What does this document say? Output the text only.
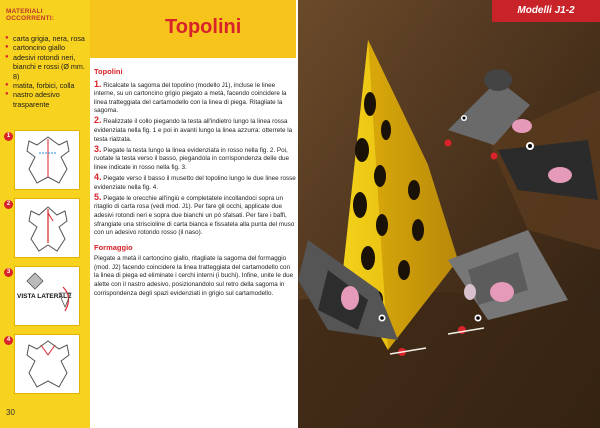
MATERIALI OCCORRENTI:
● carta grigia, nera, rosa
● cartoncino giallo
● adesivi rotondi neri, bianchi e rossi (Ø mm. 8)
● matita, forbici, colla
● nastro adesivo trasparente
1
2
3
VISTA LATERALE
4
30
Topolini
Topolini

1. Ricalcate la sagoma del topolino (modello J1), incluse le linee interne, su un cartoncino grigio piegato a metà, facendo coincidere la linea tratteggiata del cartamodello con la linea di piega. Ritagliate la sagoma.

2. Realizzate il collo piegando la testa all'indietro lungo la linea rossa evidenziata nella fig. 1 e poi in avanti lungo la linea azzurra: otterrete la testa rialzata.

3. Piegate la testa lungo la linea evidenziata in rosso nella fig. 2. Poi, ruotate la testa verso il basso, piegandola in corrispondenza delle due linee indicate in rosso nella fig. 3.

4. Piegate verso il basso il musetto del topolino lungo le due linee rosse evidenziate nella fig. 4.

5. Piegate le orecchie all'ingiù e completatele incollandoci sopra un ritaglio di carta rosa (vedi mod. J1). Per fare gli occhi, applicate due adesivi rotondi neri e sopra due bianchi un pò sfalsati. Per fare i baffi, sfrangiate una striscioline di carta bianca e fissatela alla punta del muso con un adesivo rotondo rosso (il naso).

Formaggio

Piegate a metà il cartoncino giallo, ritagliate la sagoma del formaggio (mod. J2) facendo coincidere la linea tratteggiata del cartamodello con la linea di piega ed eliminate i cerchi interni (i buchi). Infine, unite le due alette con il nastro adesivo, posizionandolo sul retro della sagoma in corrispondenza degli spazi evidenziati in grigio sul cartamodello.

Modelli J1-2
